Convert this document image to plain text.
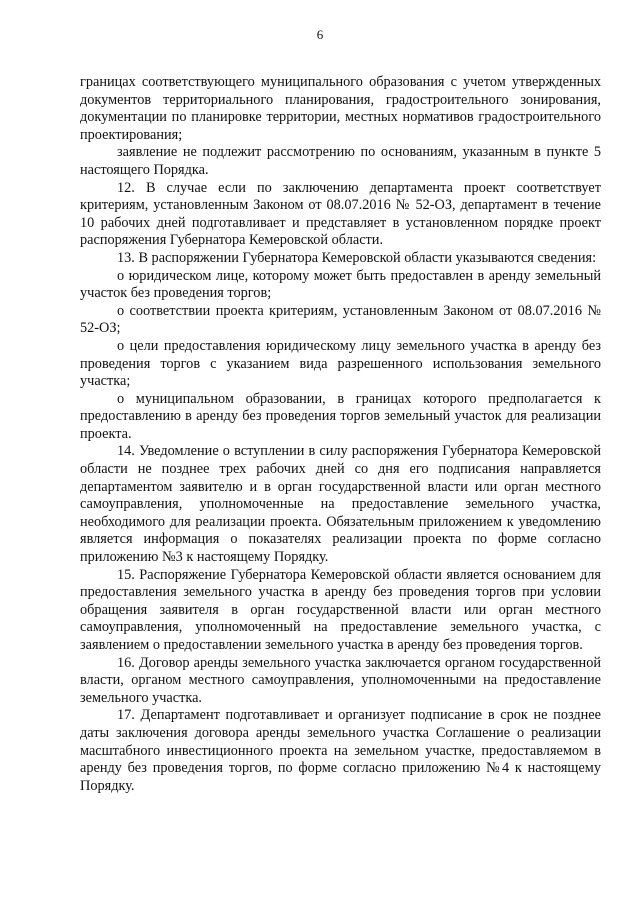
6

границах соответствующего муниципального образования с учетом утвержденных документов территориального планирования, градостроительного зонирования, документации по планировке территории, местных нормативов градостроительного проектирования;

заявление не подлежит рассмотрению по основаниям, указанным в пункте 5 настоящего Порядка.

12. В случае если по заключению департамента проект соответствует критериям, установленным Законом от 08.07.2016 № 52-ОЗ, департамент в течение 10 рабочих дней подготавливает и представляет в установленном порядке проект распоряжения Губернатора Кемеровской области.

13. В распоряжении Губернатора Кемеровской области указываются сведения:

о юридическом лице, которому может быть предоставлен в аренду земельный участок без проведения торгов;

о соответствии проекта критериям, установленным Законом от 08.07.2016 № 52-ОЗ;

о цели предоставления юридическому лицу земельного участка в аренду без проведения торгов с указанием вида разрешенного использования земельного участка;

о муниципальном образовании, в границах которого предполагается к предоставлению в аренду без проведения торгов земельный участок для реализации проекта.

14. Уведомление о вступлении в силу распоряжения Губернатора Кемеровской области не позднее трех рабочих дней со дня его подписания направляется департаментом заявителю и в орган государственной власти или орган местного самоуправления, уполномоченные на предоставление земельного участка, необходимого для реализации проекта. Обязательным приложением к уведомлению является информация о показателях реализации проекта по форме согласно приложению №3 к настоящему Порядку.

15. Распоряжение Губернатора Кемеровской области является основанием для предоставления земельного участка в аренду без проведения торгов при условии обращения заявителя в орган государственной власти или орган местного самоуправления, уполномоченный на предоставление земельного участка, с заявлением о предоставлении земельного участка в аренду без проведения торгов.

16. Договор аренды земельного участка заключается органом государственной власти, органом местного самоуправления, уполномоченными на предоставление земельного участка.

17. Департамент подготавливает и организует подписание в срок не позднее даты заключения договора аренды земельного участка Соглашение о реализации масштабного инвестиционного проекта на земельном участке, предоставляемом в аренду без проведения торгов, по форме согласно приложению №4 к настоящему Порядку.
